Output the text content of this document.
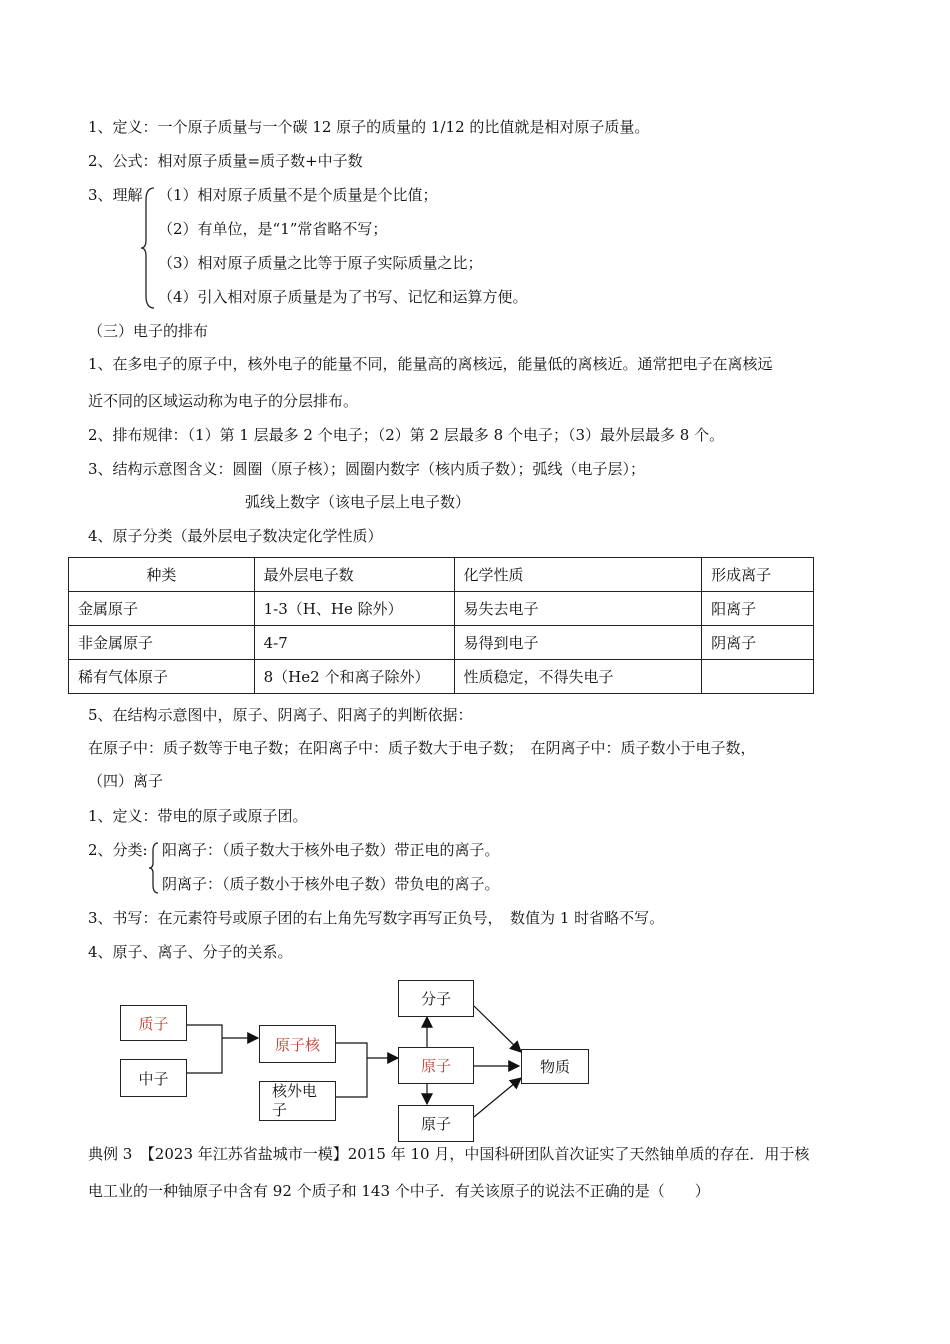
1、定义：一个原子质量与一个碳 12 原子的质量的 1/12 的比值就是相对原子质量。
2、公式：相对原子质量=质子数+中子数
3、理解 （1）相对原子质量不是个质量是个比值；
（2）有单位，是“1”常省略不写；
（3）相对原子质量之比等于原子实际质量之比；
（4）引入相对原子质量是为了书写、记忆和运算方便。
（三）电子的排布
1、在多电子的原子中，核外电子的能量不同，能量高的离核远，能量低的离核近。通常把电子在离核远
近不同的区域运动称为电子的分层排布。
2、排布规律：（1）第 1 层最多 2 个电子；（2）第 2 层最多 8 个电子；（3）最外层最多 8 个。
3、结构示意图含义：圆圈（原子核）；圆圈内数字（核内质子数）；弧线（电子层）；
弧线上数字（该电子层上电子数）
4、原子分类（最外层电子数决定化学性质）
种类	最外层电子数	化学性质	形成离子
金属原子	1-3（H、He 除外）	易失去电子	阳离子
非金属原子	4-7	易得到电子	阴离子
稀有气体原子	8（He2 个和离子除外）	性质稳定，不得失电子	
5、在结构示意图中，原子、阴离子、阳离子的判断依据：
在原子中：质子数等于电子数；在阳离子中：质子数大于电子数；　在阴离子中：质子数小于电子数，
（四）离子
1、定义：带电的原子或原子团。
2、分类: 阳离子：（质子数大于核外电子数）带正电的离子。
阴离子：（质子数小于核外电子数）带负电的离子。
3、书写：在元素符号或原子团的右上角先写数字再写正负号，　数值为 1 时省略不写。
4、原子、离子、分子的关系。
质子
中子
原子核
核外电
子
分子
原子
原子
物质
典例 3　【2023 年江苏省盐城市一模】2015 年 10 月，中国科研团队首次证实了天然铀单质的存在．用于核
电工业的一种铀原子中含有 92 个质子和 143 个中子．有关该原子的说法不正确的是（　　）
